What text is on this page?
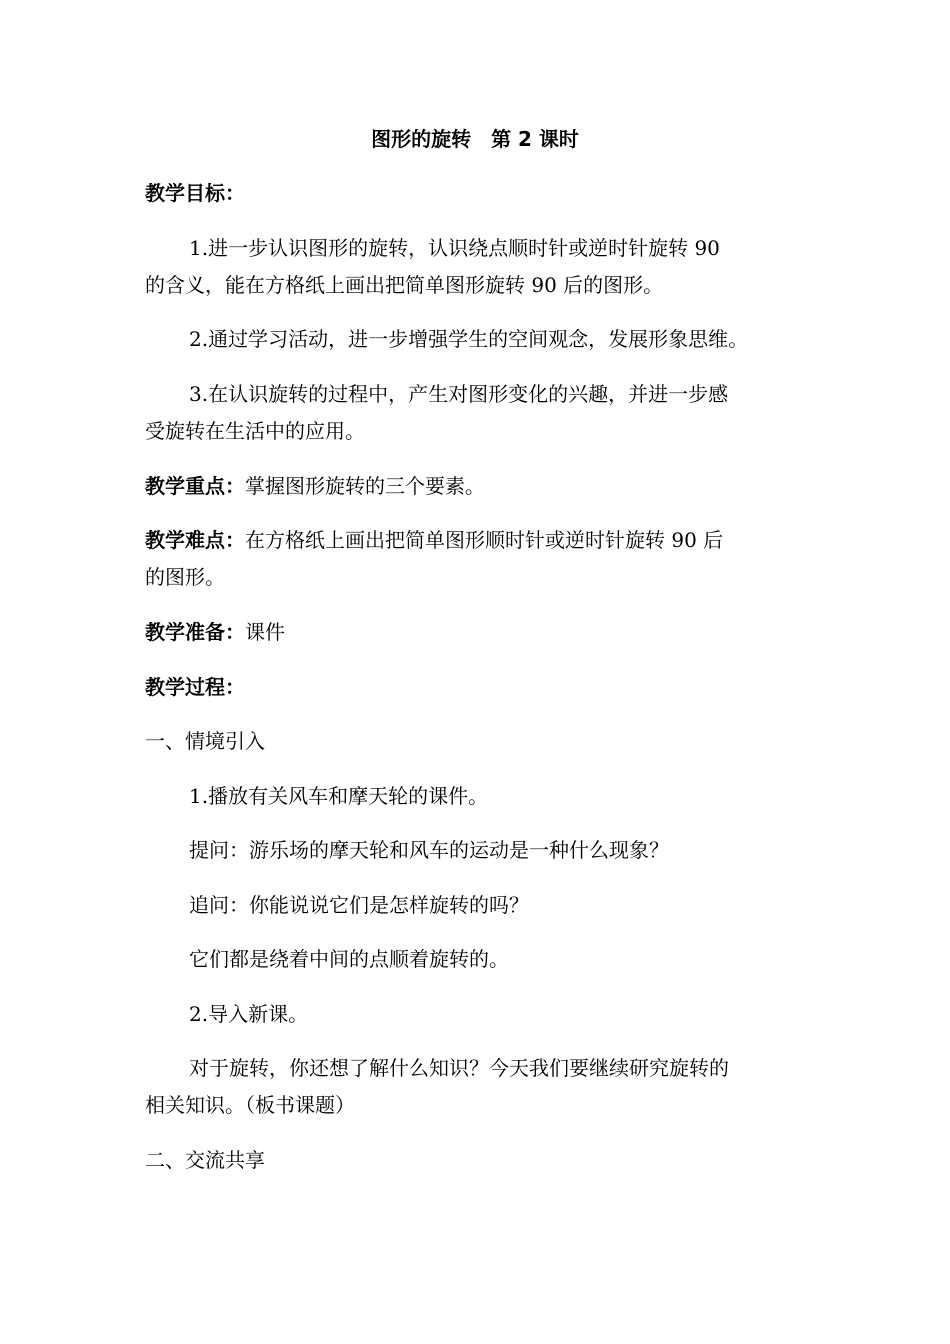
图形的旋转　第 2 课时
教学目标：
1.进一步认识图形的旋转，认识绕点顺时针或逆时针旋转 90
的含义，能在方格纸上画出把简单图形旋转 90 后的图形。
2.通过学习活动，进一步增强学生的空间观念，发展形象思维。
3.在认识旋转的过程中，产生对图形变化的兴趣，并进一步感
受旋转在生活中的应用。
教学重点：掌握图形旋转的三个要素。
教学难点：在方格纸上画出把简单图形顺时针或逆时针旋转 90 后
的图形。
教学准备：课件
教学过程：
一、情境引入
1.播放有关风车和摩天轮的课件。
提问：游乐场的摩天轮和风车的运动是一种什么现象？
追问：你能说说它们是怎样旋转的吗？
它们都是绕着中间的点顺着旋转的。
2.导入新课。
对于旋转，你还想了解什么知识？今天我们要继续研究旋转的
相关知识。（板书课题）
二、交流共享
